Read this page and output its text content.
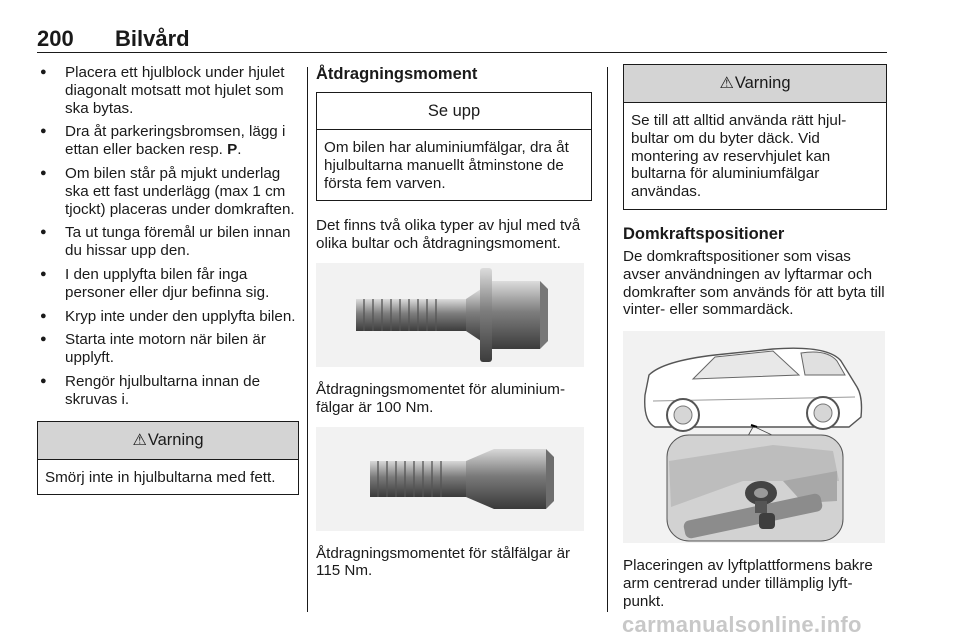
200 Bilvård
● Placera ett hjulblock under hjulet diagonalt motsatt mot hjulet som ska bytas.
● Dra åt parkeringsbromsen, lägg i ettan eller backen resp. P.
● Om bilen står på mjukt underlag ska ett fast underlägg (max 1 cm tjockt) placeras under domkraften.
● Ta ut tunga föremål ur bilen innan du hissar upp den.
● I den upplyfta bilen får inga personer eller djur befinna sig.
● Kryp inte under den upplyfta bilen.
● Starta inte motorn när bilen är upplyft.
● Rengör hjulbultarna innan de skruvas i.
⚠Varning
Smörj inte in hjulbultarna med fett.
Åtdragningsmoment
Se upp
Om bilen har aluminiumfälgar, dra åt hjulbultarna manuellt åtminstone de första fem varven.

Det finns två olika typer av hjul med två olika bultar och åtdragningsmoment.

Åtdragningsmomentet för aluminiumfälgar är 100 Nm.

Åtdragningsmomentet för stålfälgar är 115 Nm.

⚠Varning
Se till att alltid använda rätt hjulbultar om du byter däck. Vid montering av reservhjulet kan bultarna för aluminiumfälgar användas.
Domkraftspositioner

De domkraftspositioner som visas avser användningen av lyftarmar och domkrafter som används för att byta till vinter- eller sommardäck.

Placeringen av lyftplattformens bakre arm centrerad under tillämplig lyftpunkt.

carmanualsonline.info
